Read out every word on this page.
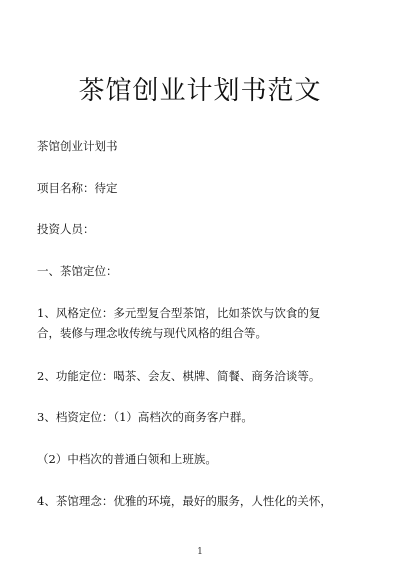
茶馆创业计划书范文

茶馆创业计划书

项目名称：待定

投资人员：

一、茶馆定位：

1、风格定位：多元型复合型茶馆，比如茶饮与饮食的复合，装修与理念收传统与现代风格的组合等。

2、功能定位：喝茶、会友、棋牌、简餐、商务洽谈等。

3、档资定位：（1）高档次的商务客户群。

（2）中档次的普通白领和上班族。

4、茶馆理念：优雅的环境，最好的服务，人性化的关怀，

1
